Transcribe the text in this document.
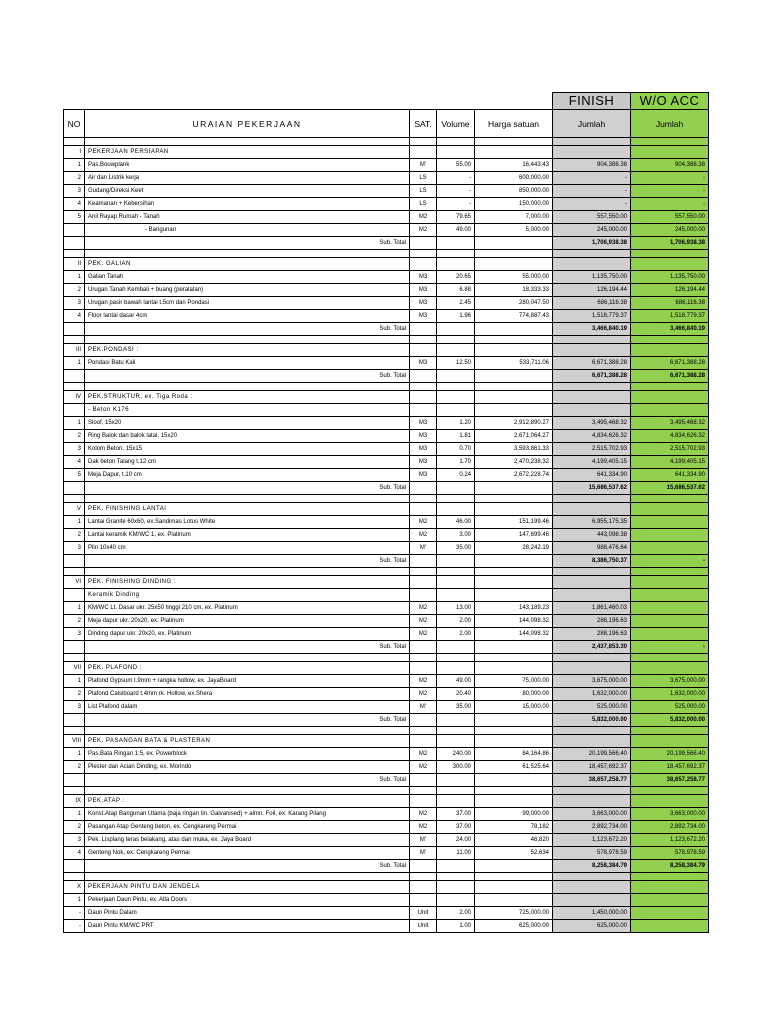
					FINISH	W/O ACC
NO	URAIAN PEKERJAAN	SAT.	Volume	Harga satuan	Jumlah	Jumlah

I	PEKERJAAN PERSIAPAN					
1	Pas.Bouwplank	M'	55.00	16,443.43	904,388.38	904,388.38
2	Air dan Listrik kerja	LS	-	600,000.00	-	-
3	Gudang/Direksi Keet	LS	-	850,000.00	-	-
4	Keamanan + Kebersihan	LS	-	150,000.00	-	-
5	Anil Rayap Rumah - Tanah	M2	79.65	7,000.00	557,550.00	557,550.00
	- Bangunan	M2	49.00	5,000.00	245,000.00	245,000.00
	Sub. Total				1,706,938.38	1,706,938.38

II	PEK. GALIAN					
1	Galian Tanah	M3	20.65	55,000.00	1,135,750.00	1,135,750.00
2	Urugan Tanah Kembali + buang (peralatan)	M3	6.88	18,333.33	126,194.44	126,194.44
3	Urugan pasir bawah lantai t.5cm dan Pondasi	M3	2.45	280,047.50	686,116.38	686,116.38
4	Floor lantai dasar 4cm	M3	1.96	774,887.43	1,518,779.37	1,518,779.37
	Sub. Total				3,466,840.19	3,466,840.19

III	PEK.PONDASI :					
1	Pondasi Batu Kali	M3	12.50	533,711.06	6,671,388.28	6,671,388.28
	Sub. Total				6,671,388.28	6,671,388.28

IV	PEK.STRUKTUR, ex. Tiga Roda :					
	- Beton K176					
1	Sloof, 15x20	M3	1.20	2,912,890.27	3,495,468.32	3,495,468.32
2	Ring Balok dan balok latai, 15x20	M3	1.81	2,671,064.27	4,834,626.32	4,834,626.32
3	Kolom Beton, 15x15	M3	0.70	3,593,861.33	2,515,702.93	2,515,702.93
4	Dak beton Talang t.12 cm	M3	1.70	2,470,238.32	4,199,405.15	4,199,405.15
5	Meja Dapur, t.10 cm	M3	0.24	2,672,228.74	641,334.90	641,334.90
	Sub. Total				15,686,537.62	15,686,537.62

V	PEK. FINISHING LANTAI					
1	Lantai Granite 60x60, ex.Sandimas Lotus White	M2	46.00	151,199.46	6,955,175.35	
2	Lantai keramik KM/WC 1, ex. Platinum	M2	3.00	147,699.46	443,098.38	
3	Plin 10x40 cm	M'	35.00	28,242.19	988,476.64	
	Sub. Total				8,386,750.37	-

VI	PEK. FINISHING DINDING :					
	Keramik Dinding					
1	KM/WC Lt. Dasar ukr. 25x50 tinggi 210 cm, ex. Platinum	M2	13.00	143,189.23	1,861,460.03	
2	Meja dapur ukr. 20x20, ex. Platinum	M2	2.00	144,098.32	288,196.63	
3	Dinding dapur ukr. 20x20, ex. Platinum	M2	2.00	144,098.32	288,196.63	
	Sub. Total				2,437,853.30	-

VII	PEK. PLAFOND :					
1	Plafond Gypsum t.9mm + rangka hollow, ex. JayaBoard	M2	49.00	75,000.00	3,675,000.00	3,675,000.00
2	Plafond Calsiboard t.4mm rk. Hollow, ex.Shera	M2	20.40	80,000.00	1,632,000.00	1,632,000.00
3	List Plafond dalam	M'	35.00	15,000.00	525,000.00	525,000.00
	Sub. Total				5,832,000.00	5,832,000.00

VIII	PEK. PASANGAN BATA & PLASTERAN					
1	Pas.Bata Ringan 1:5, ex. Powerblock	M2	240.00	84,164.86	20,199,566.40	20,199,566.40
2	Plester dan Acian Dinding, ex. Morindo	M2	300.00	61,525.64	18,457,692.37	18,457,692.37
	Sub. Total				38,657,258.77	38,657,258.77

IX	PEK.ATAP :					
1	Konst.Atap Bangunan Utama (baja ringan tin. Galvanised) + almn. Foil, ex. Karang Pilang	M2	37.00	99,000.00	3,663,000.00	3,663,000.00
2	Pasangan Atap Genteng beton, ex. Cengkareng Permai	M2	37.00	78,182	2,892,734.00	2,892,734.00
3	Pek. Lisplang teras belakang, atas dan muka, ex. Jaya Board	M'	24.00	46,820	1,123,672.20	1,123,672.20
4	Genteng Nok, ex. Cengkareng Permai	M'	11.00	52,634	578,978.59	578,978.59
	Sub. Total				8,258,384.79	8,258,384.79

X	PEKERJAAN PINTU DAN JENDELA					
1	Pekerjaan Daun Pintu, ex. Alta Doors					
-	Daun Pintu Dalam	Unit	2.00	725,000.00	1,450,000.00	
-	Daun Pintu KM/WC PRT	Unit	1.00	625,000.00	625,000.00	
